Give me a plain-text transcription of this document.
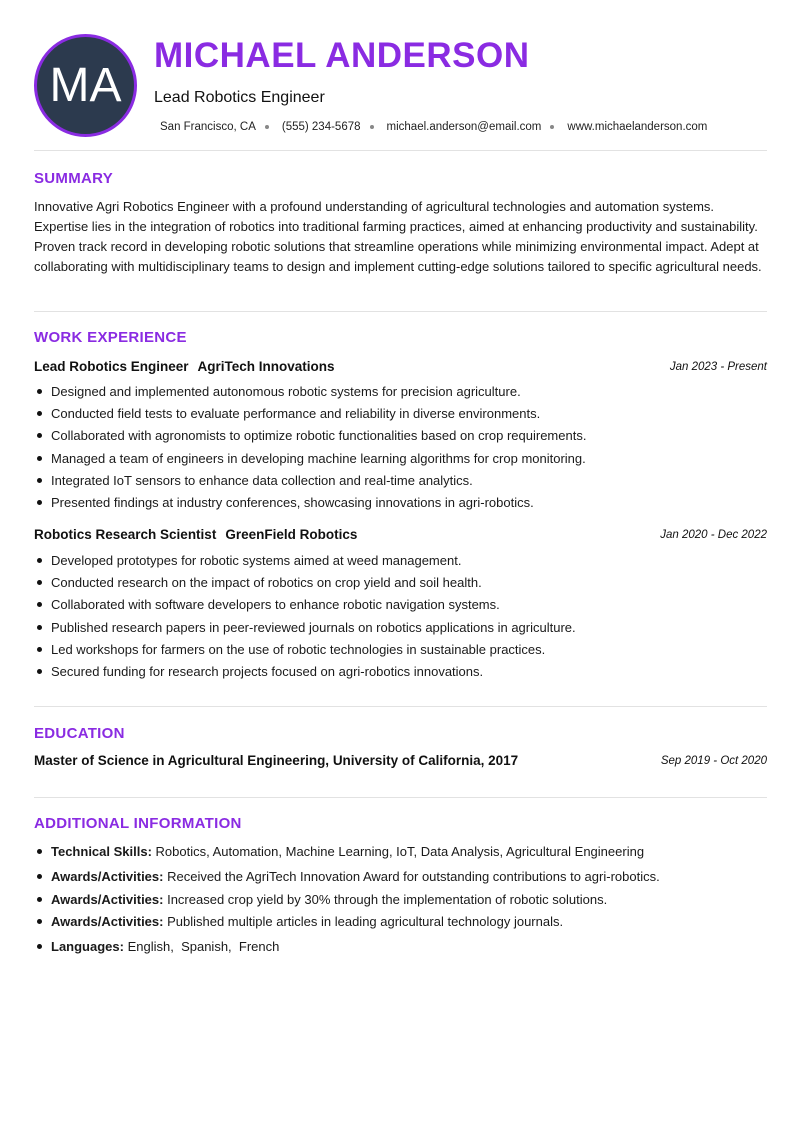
MA
MICHAEL ANDERSON
Lead Robotics Engineer
San Francisco, CA (555) 234-5678 michael.anderson@email.com www.michaelanderson.com
SUMMARY
Innovative Agri Robotics Engineer with a profound understanding of agricultural technologies and automation systems. Expertise lies in the integration of robotics into traditional farming practices, aimed at enhancing productivity and sustainability. Proven track record in developing robotic solutions that streamline operations while minimizing environmental impact. Adept at collaborating with multidisciplinary teams to design and implement cutting-edge solutions tailored to specific agricultural needs.
WORK EXPERIENCE
Lead Robotics Engineer AgriTech Innovations	Jan 2023 - Present
Designed and implemented autonomous robotic systems for precision agriculture.
Conducted field tests to evaluate performance and reliability in diverse environments.
Collaborated with agronomists to optimize robotic functionalities based on crop requirements.
Managed a team of engineers in developing machine learning algorithms for crop monitoring.
Integrated IoT sensors to enhance data collection and real-time analytics.
Presented findings at industry conferences, showcasing innovations in agri-robotics.
Robotics Research Scientist GreenField Robotics	Jan 2020 - Dec 2022
Developed prototypes for robotic systems aimed at weed management.
Conducted research on the impact of robotics on crop yield and soil health.
Collaborated with software developers to enhance robotic navigation systems.
Published research papers in peer-reviewed journals on robotics applications in agriculture.
Led workshops for farmers on the use of robotic technologies in sustainable practices.
Secured funding for research projects focused on agri-robotics innovations.
EDUCATION
Master of Science in Agricultural Engineering, University of California, 2017	Sep 2019 - Oct 2020
ADDITIONAL INFORMATION
Technical Skills: Robotics, Automation, Machine Learning, IoT, Data Analysis, Agricultural Engineering
Awards/Activities: Received the AgriTech Innovation Award for outstanding contributions to agri-robotics.
Awards/Activities: Increased crop yield by 30% through the implementation of robotic solutions.
Awards/Activities: Published multiple articles in leading agricultural technology journals.
Languages: English,  Spanish,  French
